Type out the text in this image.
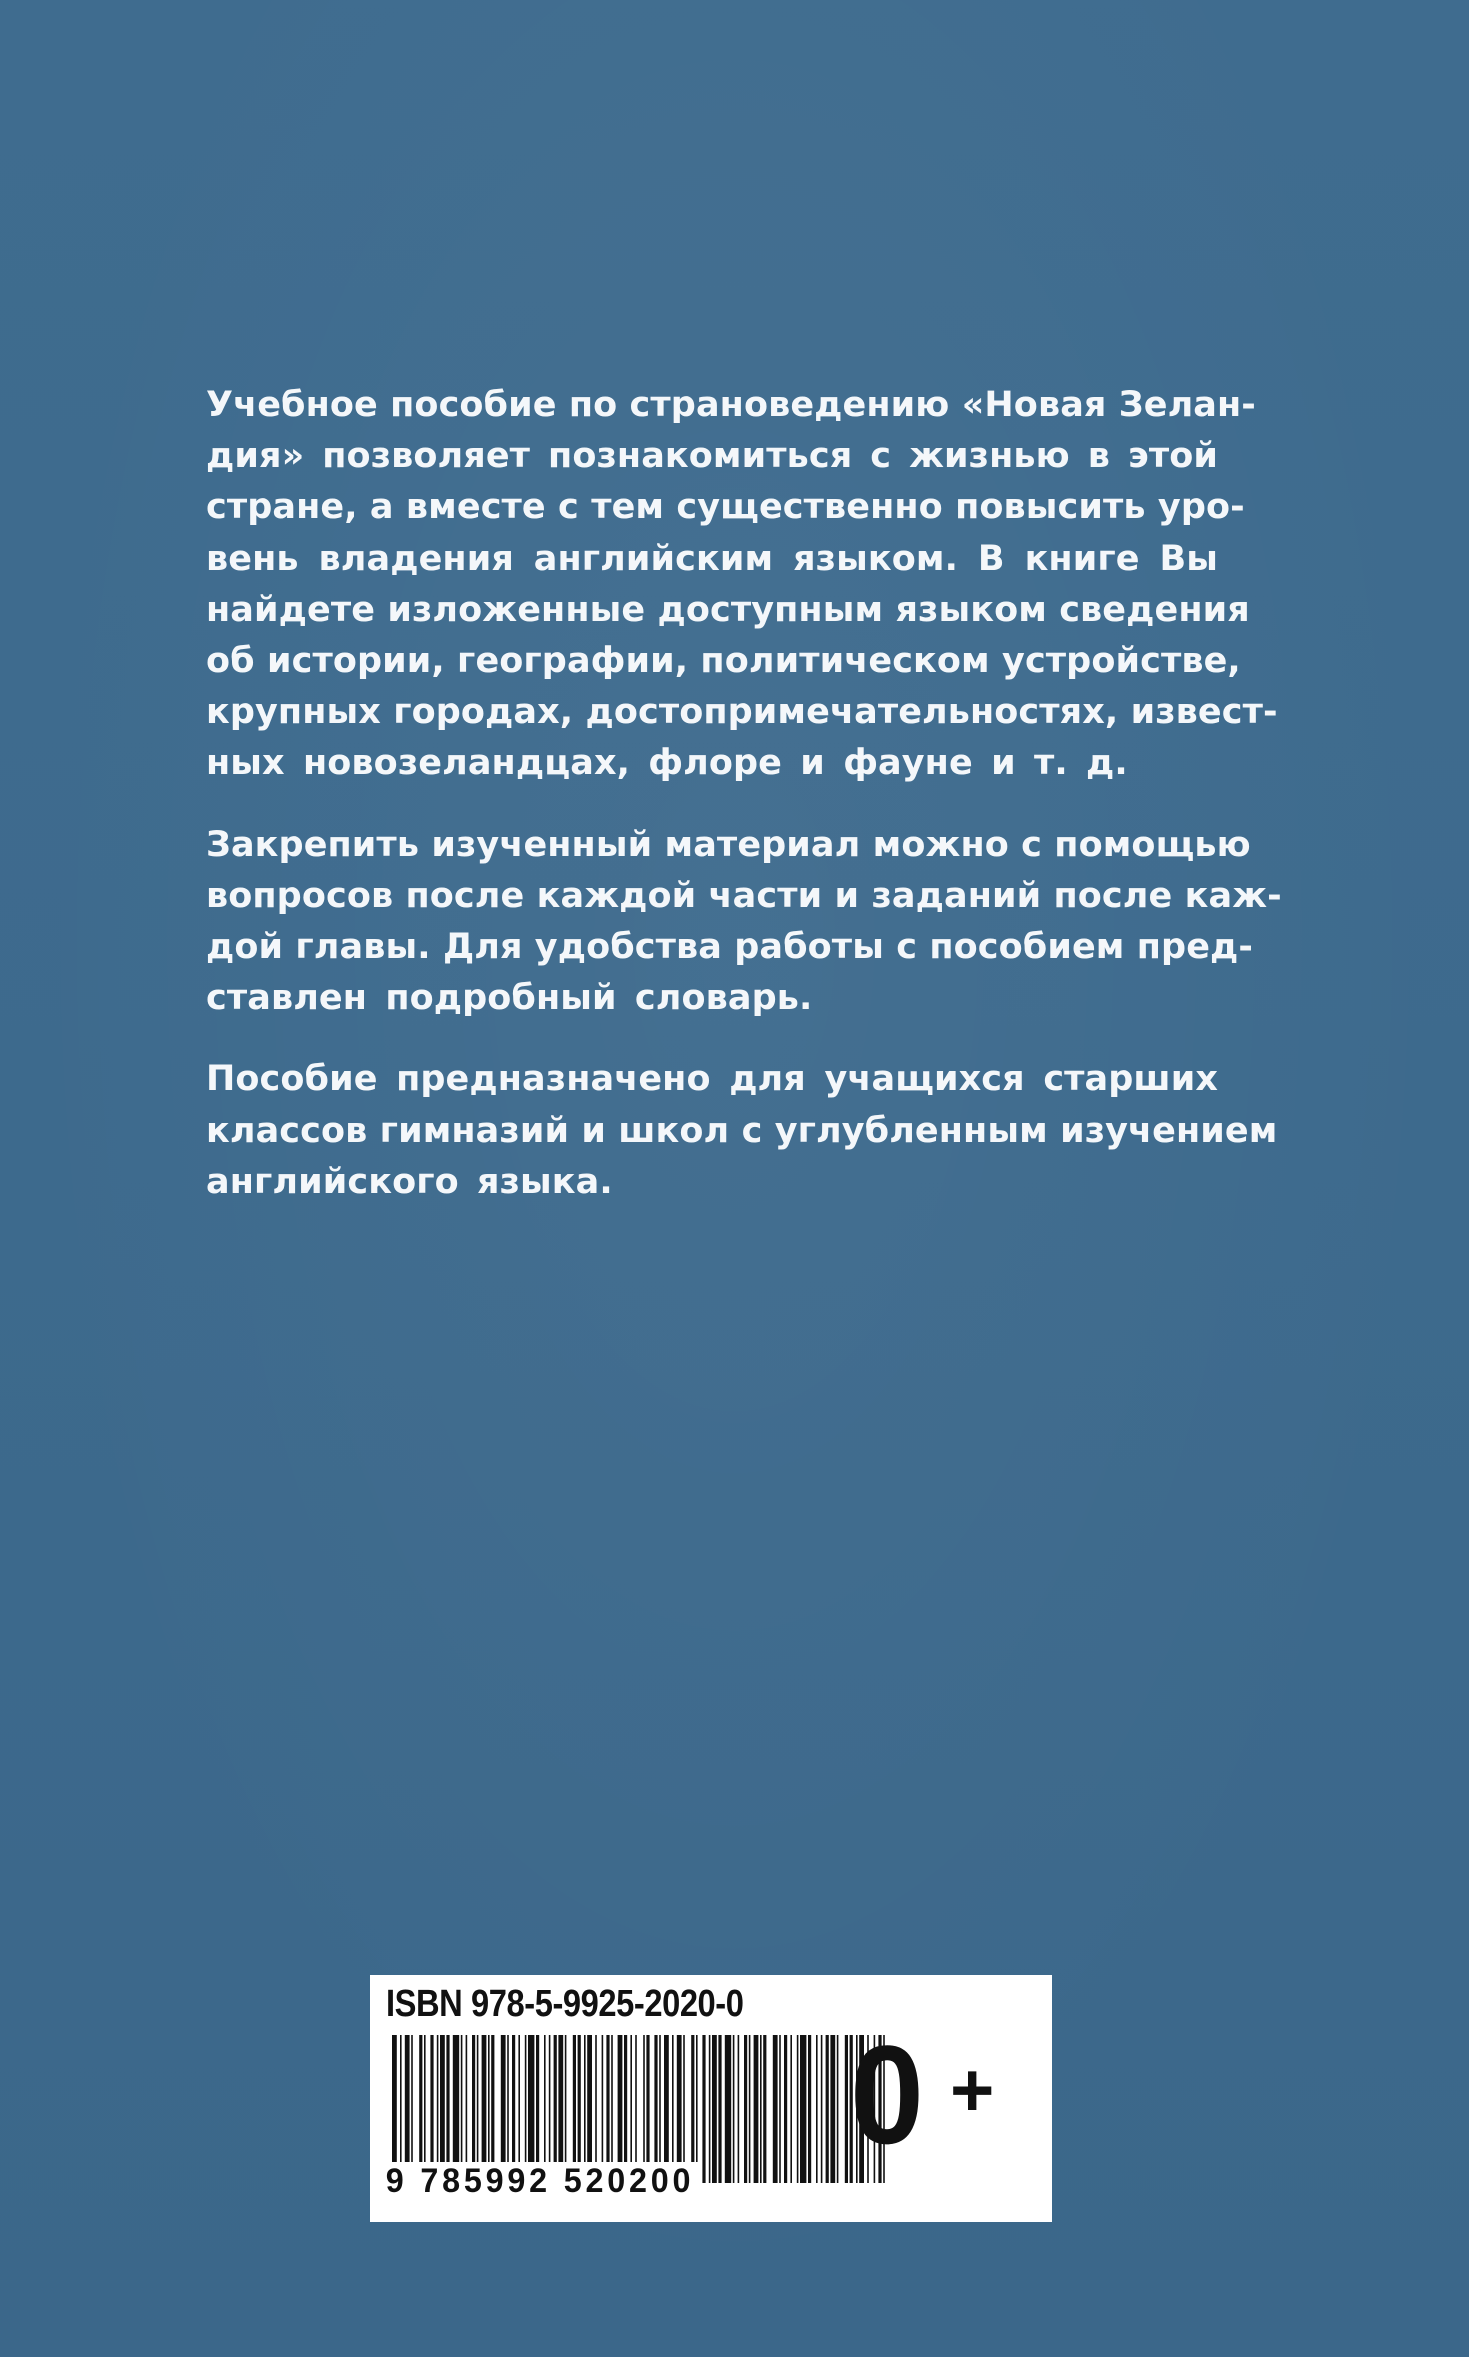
Учебное пособие по страноведению «Новая Зелан-
дия» позволяет познакомиться с жизнью в этой
стране, а вместе с тем существенно повысить уро-
вень владения английским языком. В книге Вы
найдете изложенные доступным языком сведения
об истории, географии, политическом устройстве,
крупных городах, достопримечательностях, извест-
ных новозеландцах, флоре и фауне и т. д.
Закрепить изученный материал можно с помощью
вопросов после каждой части и заданий после каж-
дой главы. Для удобства работы с пособием пред-
ставлен подробный словарь.
Пособие предназначено для учащихся старших
классов гимназий и школ с углубленным изучением
английского языка.
ISBN 978-5-9925-2020-0
9 785992 520200
0 +
